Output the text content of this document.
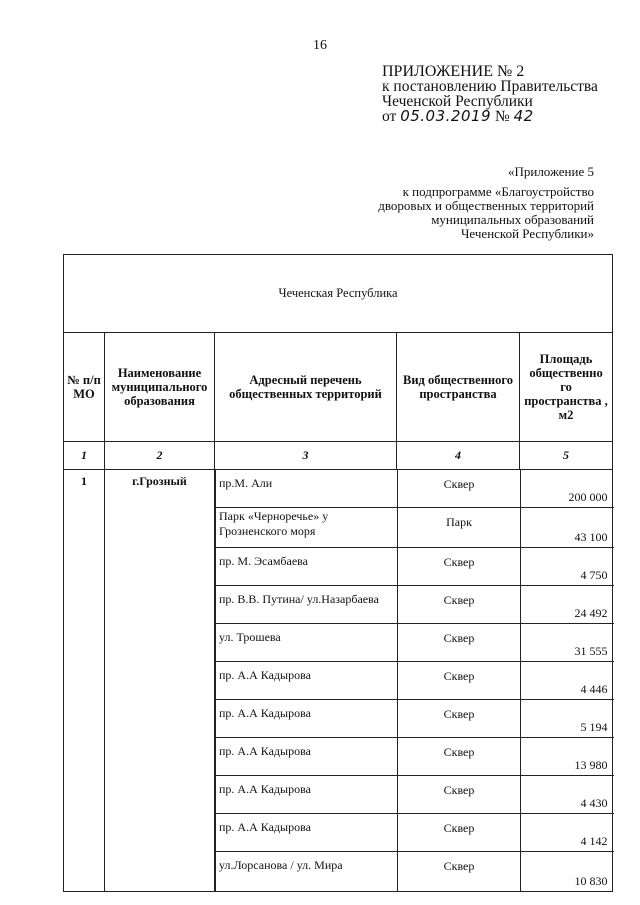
16
ПРИЛОЖЕНИЕ № 2
к постановлению Правительства
Чеченской Республики
от 05.03.2019 № 42
«Приложение 5
к подпрограмме «Благоустройство
дворовых и общественных территорий
муниципальных образований
Чеченской Республики»
Чеченская Республика
№ п/п МО	Наименование муниципального образования	Адресный перечень общественных территорий	Вид общественного пространства	Площадь общественно го пространства , м2
1	2	3	4	5
1	г.Грозный		пр.М. Али	Сквер	200 000
Парк «Черноречье» у Грозненского моря	Парк	43 100
пр. М. Эсамбаева	Сквер	4 750
пр. В.В. Путина/ ул.Назарбаева	Сквер	24 492
ул. Трошева	Сквер	31 555
пр. А.А Кадырова	Сквер	4 446
пр. А.А Кадырова	Сквер	5 194
пр. А.А Кадырова	Сквер	13 980
пр. А.А Кадырова	Сквер	4 430
пр. А.А Кадырова	Сквер	4 142
ул.Лорсанова / ул. Мира	Сквер	10 830
